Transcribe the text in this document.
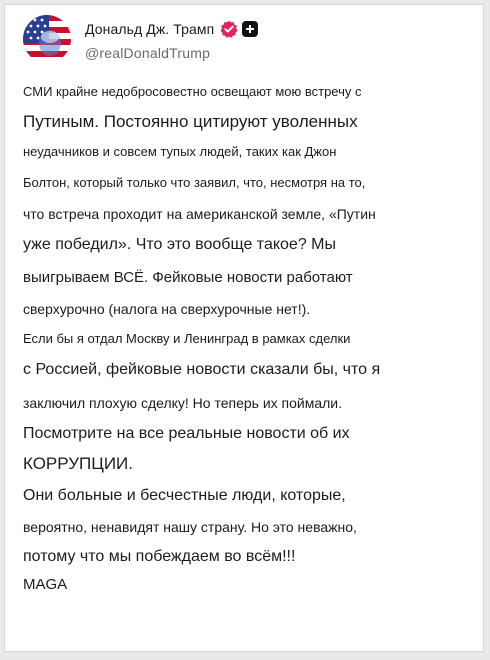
Дональд Дж. Трамп
@realDonaldTrump
СМИ крайне недобросовестно освещают мою встречу с
Путиным. Постоянно цитируют уволенных
неудачников и совсем тупых людей, таких как Джон
Болтон, который только что заявил, что, несмотря на то,
что встреча проходит на американской земле, «Путин
уже победил». Что это вообще такое? Мы
выигрываем ВСЁ. Фейковые новости работают
сверхурочно (налога на сверхурочные нет!).
Если бы я отдал Москву и Ленинград в рамках сделки
с Россией, фейковые новости сказали бы, что я
заключил плохую сделку! Но теперь их поймали.
Посмотрите на все реальные новости об их
КОРРУПЦИИ.
Они больные и бесчестные люди, которые,
вероятно, ненавидят нашу страну. Но это неважно,
потому что мы побеждаем во всём!!!
MAGA
